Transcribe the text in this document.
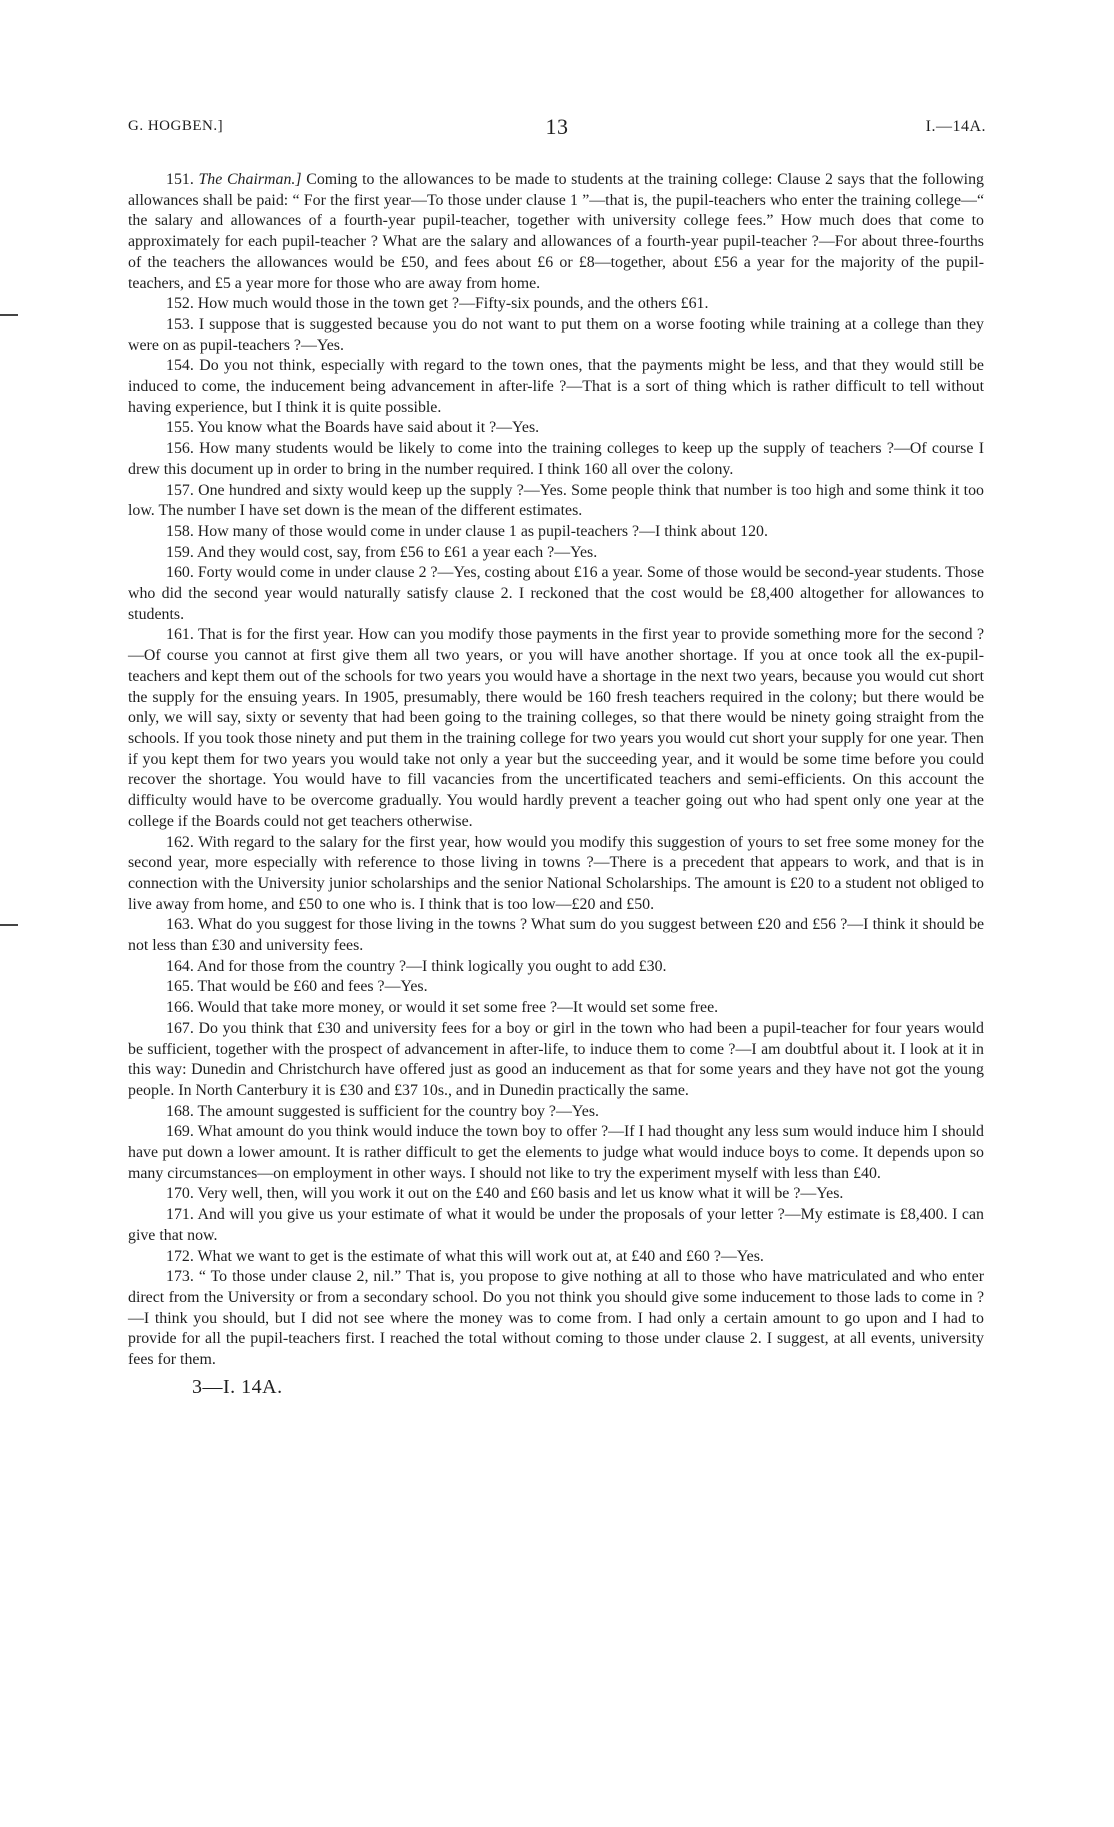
G. HOGBEN.]	13	I.—14A.

151. The Chairman.] Coming to the allowances to be made to students at the training college: Clause 2 says that the following allowances shall be paid: “ For the first year—To those under clause 1 ”—that is, the pupil-teachers who enter the training college—“ the salary and allowances of a fourth-year pupil-teacher, together with university college fees.” How much does that come to approximately for each pupil-teacher ? What are the salary and allowances of a fourth-year pupil-teacher ?—For about three-fourths of the teachers the allowances would be £50, and fees about £6 or £8—together, about £56 a year for the majority of the pupil-teachers, and £5 a year more for those who are away from home.

152. How much would those in the town get ?—Fifty-six pounds, and the others £61.

153. I suppose that is suggested because you do not want to put them on a worse footing while training at a college than they were on as pupil-teachers ?—Yes.

154. Do you not think, especially with regard to the town ones, that the payments might be less, and that they would still be induced to come, the inducement being advancement in after-life ?—That is a sort of thing which is rather difficult to tell without having experience, but I think it is quite possible.

155. You know what the Boards have said about it ?—Yes.

156. How many students would be likely to come into the training colleges to keep up the supply of teachers ?—Of course I drew this document up in order to bring in the number required. I think 160 all over the colony.

157. One hundred and sixty would keep up the supply ?—Yes. Some people think that number is too high and some think it too low. The number I have set down is the mean of the different estimates.

158. How many of those would come in under clause 1 as pupil-teachers ?—I think about 120.

159. And they would cost, say, from £56 to £61 a year each ?—Yes.

160. Forty would come in under clause 2 ?—Yes, costing about £16 a year. Some of those would be second-year students. Those who did the second year would naturally satisfy clause 2. I reckoned that the cost would be £8,400 altogether for allowances to students.

161. That is for the first year. How can you modify those payments in the first year to provide something more for the second ?—Of course you cannot at first give them all two years, or you will have another shortage. If you at once took all the ex-pupil-teachers and kept them out of the schools for two years you would have a shortage in the next two years, because you would cut short the supply for the ensuing years. In 1905, presumably, there would be 160 fresh teachers required in the colony; but there would be only, we will say, sixty or seventy that had been going to the training colleges, so that there would be ninety going straight from the schools. If you took those ninety and put them in the training college for two years you would cut short your supply for one year. Then if you kept them for two years you would take not only a year but the succeeding year, and it would be some time before you could recover the shortage. You would have to fill vacancies from the uncertificated teachers and semi-efficients. On this account the difficulty would have to be overcome gradually. You would hardly prevent a teacher going out who had spent only one year at the college if the Boards could not get teachers otherwise.

162. With regard to the salary for the first year, how would you modify this suggestion of yours to set free some money for the second year, more especially with reference to those living in towns ?—There is a precedent that appears to work, and that is in connection with the University junior scholarships and the senior National Scholarships. The amount is £20 to a student not obliged to live away from home, and £50 to one who is. I think that is too low—£20 and £50.

163. What do you suggest for those living in the towns ? What sum do you suggest between £20 and £56 ?—I think it should be not less than £30 and university fees.

164. And for those from the country ?—I think logically you ought to add £30.

165. That would be £60 and fees ?—Yes.

166. Would that take more money, or would it set some free ?—It would set some free.

167. Do you think that £30 and university fees for a boy or girl in the town who had been a pupil-teacher for four years would be sufficient, together with the prospect of advancement in after-life, to induce them to come ?—I am doubtful about it. I look at it in this way: Dunedin and Christchurch have offered just as good an inducement as that for some years and they have not got the young people. In North Canterbury it is £30 and £37 10s., and in Dunedin practically the same.

168. The amount suggested is sufficient for the country boy ?—Yes.

169. What amount do you think would induce the town boy to offer ?—If I had thought any less sum would induce him I should have put down a lower amount. It is rather difficult to get the elements to judge what would induce boys to come. It depends upon so many circumstances—on employment in other ways. I should not like to try the experiment myself with less than £40.

170. Very well, then, will you work it out on the £40 and £60 basis and let us know what it will be ?—Yes.

171. And will you give us your estimate of what it would be under the proposals of your letter ?—My estimate is £8,400. I can give that now.

172. What we want to get is the estimate of what this will work out at, at £40 and £60 ?—Yes.

173. “ To those under clause 2, nil.” That is, you propose to give nothing at all to those who have matriculated and who enter direct from the University or from a secondary school. Do you not think you should give some inducement to those lads to come in ?—I think you should, but I did not see where the money was to come from. I had only a certain amount to go upon and I had to provide for all the pupil-teachers first. I reached the total without coming to those under clause 2. I suggest, at all events, university fees for them.

3—I. 14A.
